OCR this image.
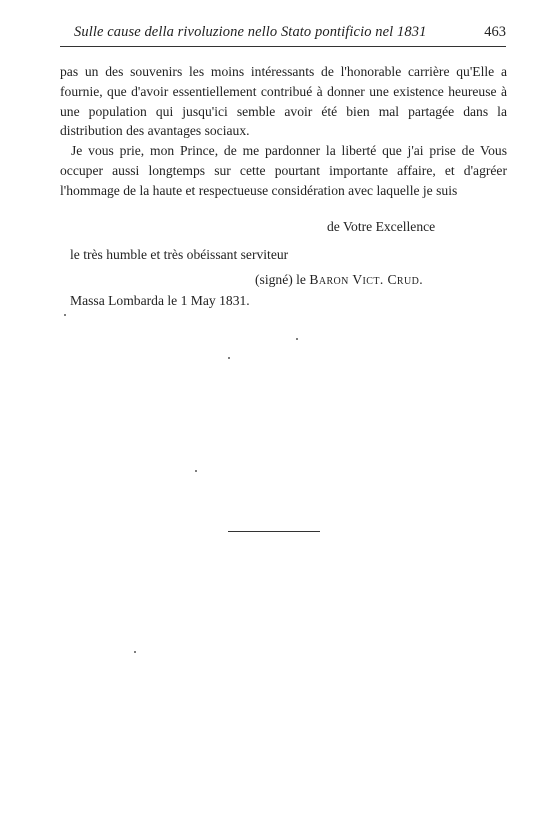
Sulle cause della rivoluzione nello Stato pontificio nel 1831	463

pas un des souvenirs les moins intéressants de l'honorable carrière qu'Elle a fournie, que d'avoir essentiellement contribué à donner une existence heureuse à une population qui jusqu'ici semble avoir été bien mal partagée dans la distribution des avantages sociaux.

Je vous prie, mon Prince, de me pardonner la liberté que j'ai prise de Vous occuper aussi longtemps sur cette pourtant importante affaire, et d'agréer l'hommage de la haute et respectueuse considération avec laquelle je suis

de Votre Excellence
le très humble et très obéissant serviteur
(signé) le Baron Vict. Crud.
Massa Lombarda le 1 May 1831.
